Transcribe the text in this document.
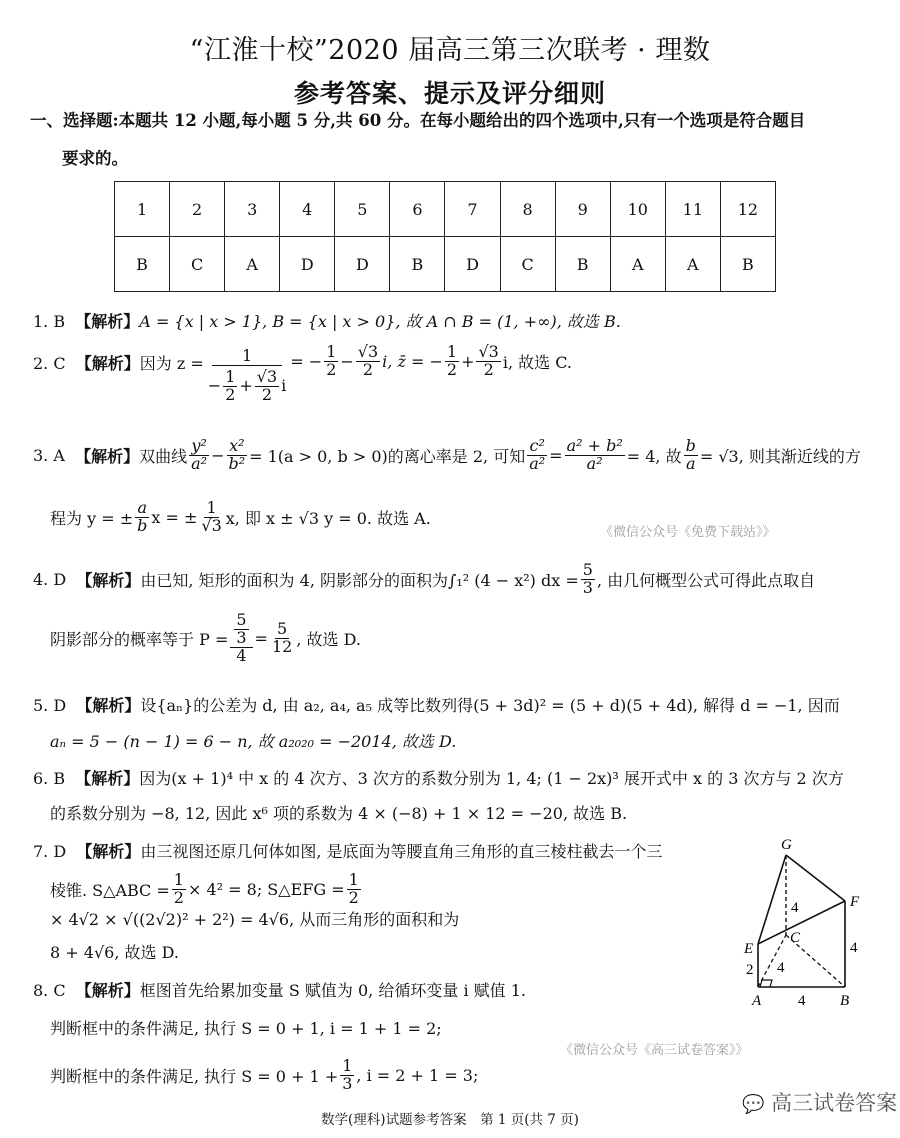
《微信公众号《免费下载站》》
《微信公众号《高三试卷答案》》
“江淮十校”2020 届高三第三次联考 · 理数
参考答案、提示及评分细则
一、选择题:本题共 12 小题,每小题 5 分,共 60 分。在每小题给出的四个选项中,只有一个选项是符合题目
要求的。
1	2	3	4	5	6	7	8	9	10	11	12
B	C	A	D	D	B	D	C	B	A	A	B
1. B 【解析】A = {x | x > 1}, B = {x | x > 0}, 故 A ∩ B = (1, +∞), 故选 B.
2. C
【解析】 因为 $z = \frac{1}{- \frac{1}{2} + \frac{√3}{2} i}$ = − $\frac{1}{2} - \frac{√3}{2} i$, z̄ = − $\frac{1}{2} + \frac{√3}{2} i$, 故选 C.
3. A
【解析】 双曲线 $\frac{\text{y²}}{\text{a²}} - \frac{\text{x²}}{\text{b²}} = 1(a > 0$, b > 0)的离心率是 2, 可知 $\frac{\text{c²}}{\text{a²}} = \frac{\text{a² + b²}}{\text{a²}} = 4$, 故 $\frac{b}{a} = √3$, 则其渐近线的方
程为 y = ± $\frac{a}{b}$ x = ± $\frac{1}{√3} x$, 即 x ± √3 y = 0. 故选 A.
4. D
【解析】 由已知, 矩形的面积为 4, 阴影部分的面积为∫₁² (4 − x²) dx = $\frac{5}{3}$ , 由几何概型公式可得此点取自
阴影部分的概率等于 $P = \frac{\frac{5}{3}}{4} = \frac{5}{12}$ , 故选 D.
5. D 【解析】设{aₙ}的公差为 d, 由 a₂, a₄, a₅ 成等比数列得(5 + 3d)² = (5 + d)(5 + 4d), 解得 d = −1, 因而
aₙ = 5 − (n − 1) = 6 − n, 故 a₂₀₂₀ = −2014, 故选 D.
6. B 【解析】因为(x + 1)⁴ 中 x 的 4 次方、3 次方的系数分别为 1, 4; (1 − 2x)³ 展开式中 x 的 3 次方与 2 次方
的系数分别为 −8, 12, 因此 x⁶ 项的系数为 4 × (−8) + 1 × 12 = −20, 故选 B.
7. D 【解析】由三视图还原几何体如图, 是底面为等腰直角三角形的直三棱柱截去一个三
棱锥. S△ABC = $\frac{1}{2} \times 4^2 = 8$; S△EFG = $\frac{1}{2}$
× 4√2 × √((2√2)² + 2²) = 4√6, 从而三角形的面积和为
8 + 4√6, 故选 D.
G
F
E
C
A	B
4
4
2 4
4
8. C 【解析】框图首先给累加变量 S 赋值为 0, 给循环变量 i 赋值 1.
判断框中的条件满足, 执行 S = 0 + 1, i = 1 + 1 = 2;
判断框中的条件满足, 执行 $S = 0 + 1 + \frac{1}{3}$ , i = 2 + 1 = 3;
💬 高三试卷答案
数学(理科)试题参考答案　第 1 页(共 7 页)
